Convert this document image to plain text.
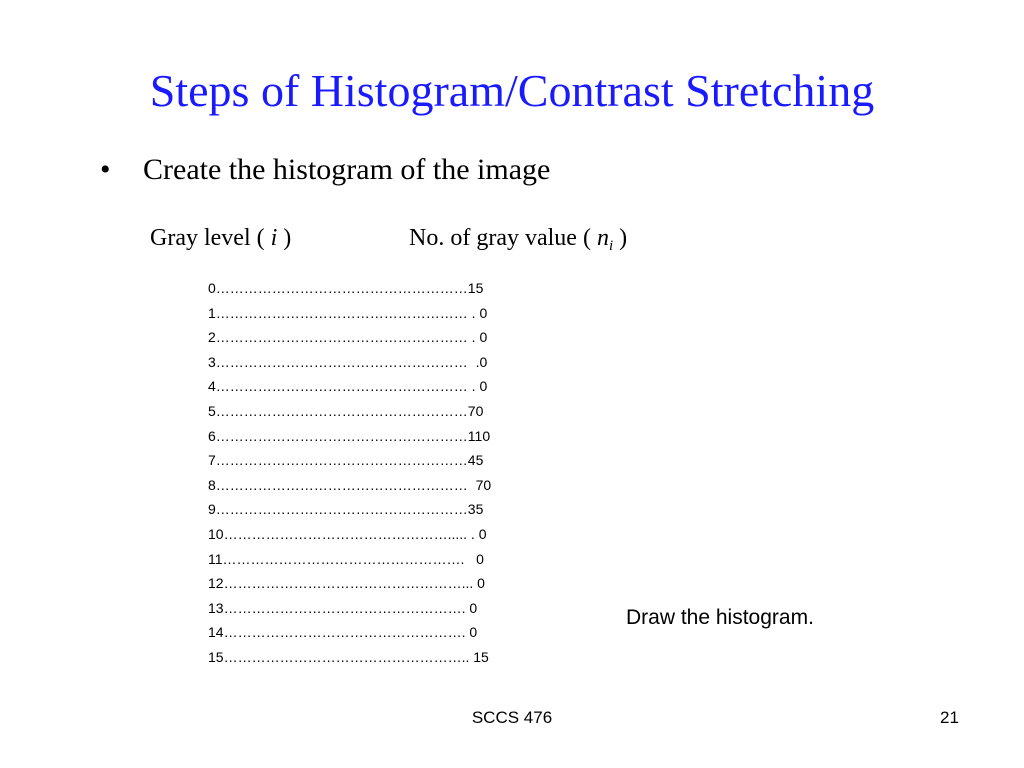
Steps of Histogram/Contrast Stretching
• Create the histogram of the image
Gray level ( i )	No. of gray value ( $n_i$ )
0………………………………………………15
1……………………………………………… . 0
2……………………………………………… . 0
3………………………………………………  .0
4……………………………………………… . 0
5………………………………………………70
6………………………………………………110
7………………………………………………45
8………………………………………………  70
9………………………………………………35
10…………………………………………..... . 0
11…………………………………………….   0
12……………………………………………... 0
13……………………………………………. 0
14……………………………………………. 0
15…………………………………………….. 15
Draw the histogram.
SCCS 476	21
